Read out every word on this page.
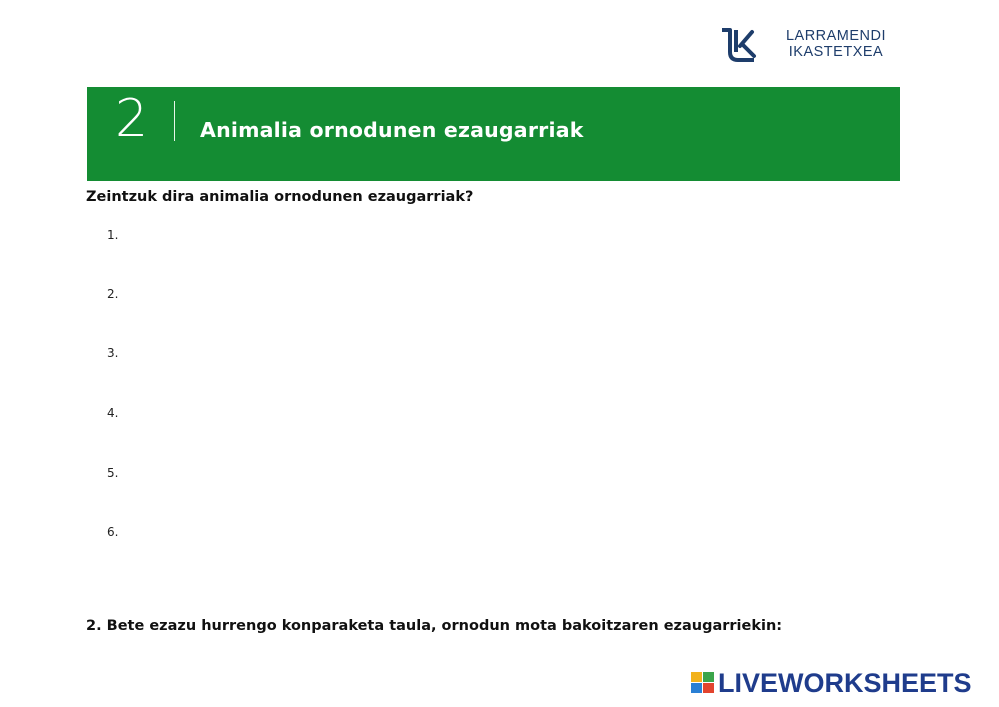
LARRAMENDI
IKASTETXEA
2	Animalia ornodunen ezaugarriak
Zeintzuk dira animalia ornodunen ezaugarriak?
1.
2.
3.
4.
5.
6.
2. Bete ezazu hurrengo konparaketa taula, ornodun mota bakoitzaren ezaugarriekin:
LIVEWORKSHEETS
